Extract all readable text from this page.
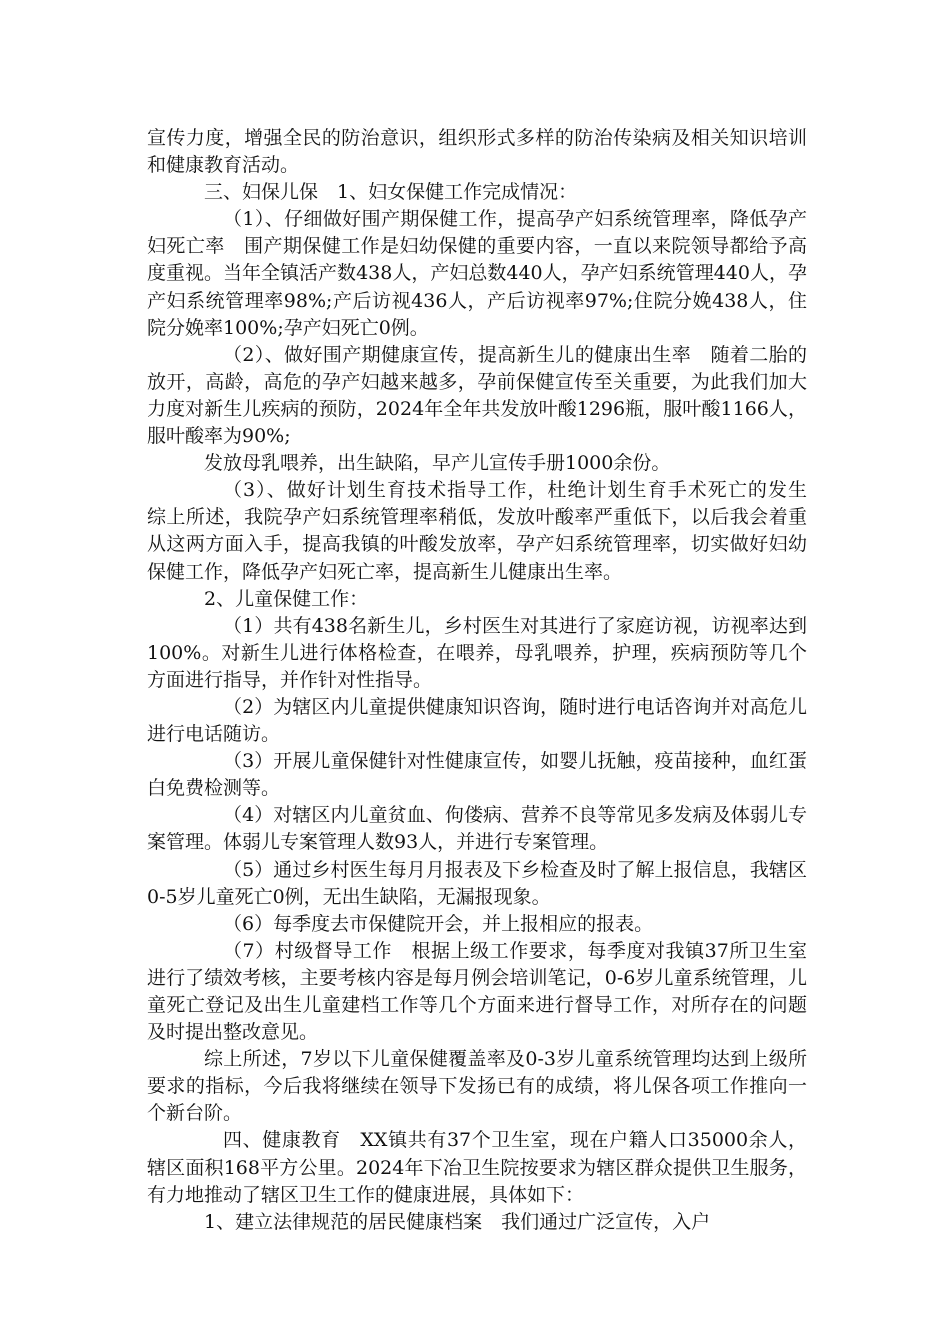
宣传力度，增强全民的防治意识，组织形式多样的防治传染病及相关知识培训和健康教育活动。

三、妇保儿保　1、妇女保健工作完成情况：

（1）、仔细做好围产期保健工作，提高孕产妇系统管理率，降低孕产妇死亡率　围产期保健工作是妇幼保健的重要内容，一直以来院领导都给予高度重视。当年全镇活产数438人，产妇总数440人，孕产妇系统管理440人，孕产妇系统管理率98%;产后访视436人，产后访视率97%;住院分娩438人，住院分娩率100%;孕产妇死亡0例。

（2）、做好围产期健康宣传，提高新生儿的健康出生率　随着二胎的放开，高龄，高危的孕产妇越来越多，孕前保健宣传至关重要，为此我们加大力度对新生儿疾病的预防，2024年全年共发放叶酸1296瓶，服叶酸1166人，服叶酸率为90%;

发放母乳喂养，出生缺陷，早产儿宣传手册1000余份。

（3）、做好计划生育技术指导工作，杜绝计划生育手术死亡的发生　综上所述，我院孕产妇系统管理率稍低，发放叶酸率严重低下，以后我会着重从这两方面入手，提高我镇的叶酸发放率，孕产妇系统管理率，切实做好妇幼保健工作，降低孕产妇死亡率，提高新生儿健康出生率。

2、儿童保健工作：

（1）共有438名新生儿，乡村医生对其进行了家庭访视，访视率达到100%。对新生儿进行体格检查，在喂养，母乳喂养，护理，疾病预防等几个方面进行指导，并作针对性指导。

（2）为辖区内儿童提供健康知识咨询，随时进行电话咨询并对高危儿进行电话随访。

（3）开展儿童保健针对性健康宣传，如婴儿抚触，疫苗接种，血红蛋白免费检测等。

（4）对辖区内儿童贫血、佝偻病、营养不良等常见多发病及体弱儿专案管理。体弱儿专案管理人数93人，并进行专案管理。

（5）通过乡村医生每月月报表及下乡检查及时了解上报信息，我辖区0-5岁儿童死亡0例，无出生缺陷，无漏报现象。

（6）每季度去市保健院开会，并上报相应的报表。

（7）村级督导工作　根据上级工作要求，每季度对我镇37所卫生室进行了绩效考核，主要考核内容是每月例会培训笔记，0-6岁儿童系统管理，儿童死亡登记及出生儿童建档工作等几个方面来进行督导工作，对所存在的问题及时提出整改意见。

综上所述，7岁以下儿童保健覆盖率及0-3岁儿童系统管理均达到上级所要求的指标，今后我将继续在领导下发扬已有的成绩，将儿保各项工作推向一个新台阶。

四、健康教育　XX镇共有37个卫生室，现在户籍人口35000余人，辖区面积168平方公里。2024年下冶卫生院按要求为辖区群众提供卫生服务，有力地推动了辖区卫生工作的健康进展，具体如下：

1、建立法律规范的居民健康档案　我们通过广泛宣传，入户
